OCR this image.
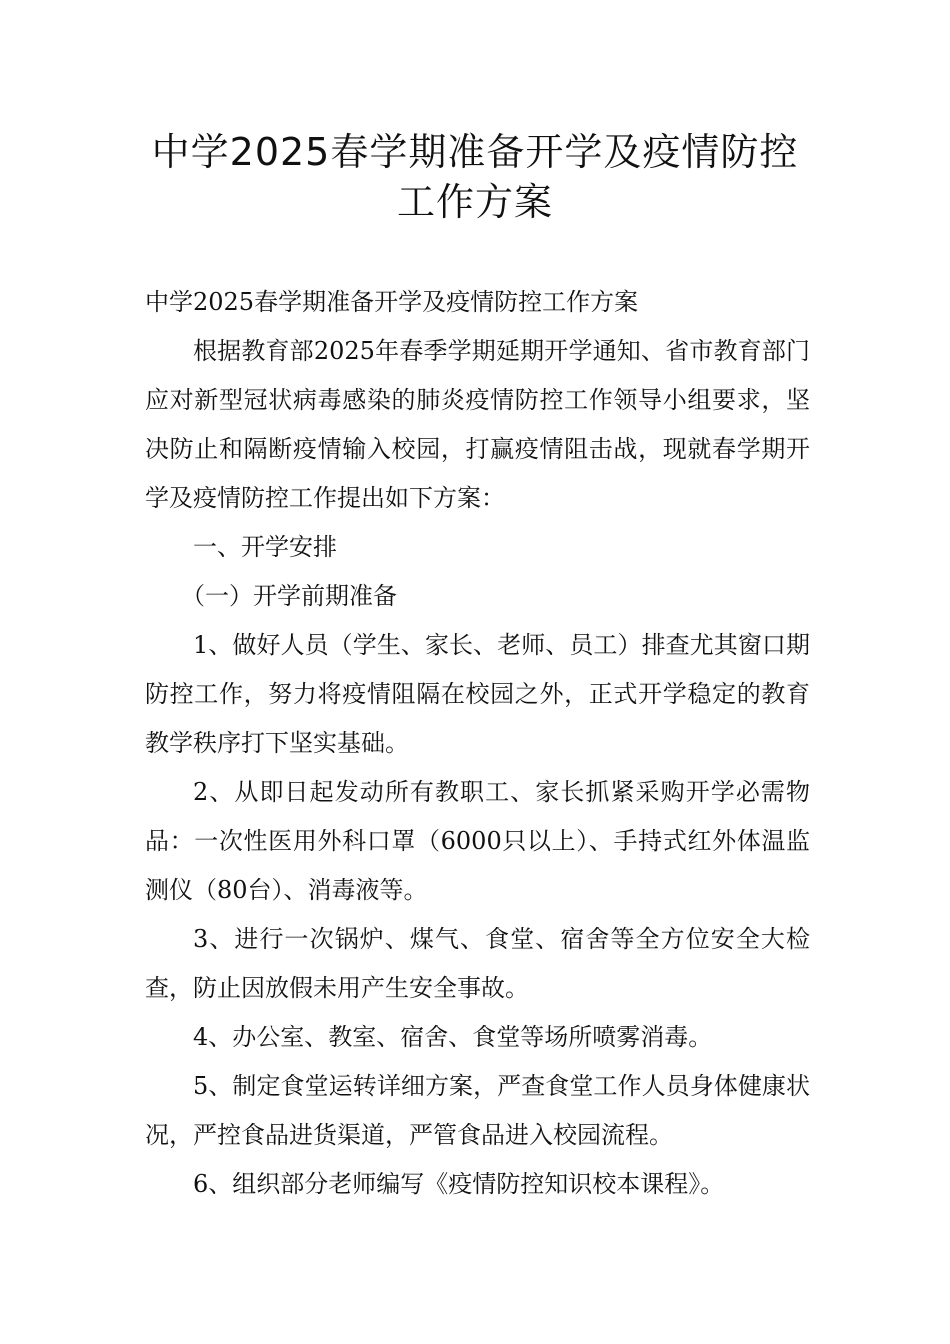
中学2025春学期准备开学及疫情防控
工作方案

中学2025春学期准备开学及疫情防控工作方案

根据教育部2025年春季学期延期开学通知、省市教育部门应对新型冠状病毒感染的肺炎疫情防控工作领导小组要求，坚决防止和隔断疫情输入校园，打赢疫情阻击战，现就春学期开学及疫情防控工作提出如下方案：

一、开学安排

（一）开学前期准备

1、做好人员（学生、家长、老师、员工）排查尤其窗口期防控工作，努力将疫情阻隔在校园之外，正式开学稳定的教育教学秩序打下坚实基础。

2、从即日起发动所有教职工、家长抓紧采购开学必需物品：一次性医用外科口罩（6000只以上）、手持式红外体温监测仪（80台）、消毒液等。

3、进行一次锅炉、煤气、食堂、宿舍等全方位安全大检查，防止因放假未用产生安全事故。

4、办公室、教室、宿舍、食堂等场所喷雾消毒。

5、制定食堂运转详细方案，严查食堂工作人员身体健康状况，严控食品进货渠道，严管食品进入校园流程。

6、组织部分老师编写《疫情防控知识校本课程》。
